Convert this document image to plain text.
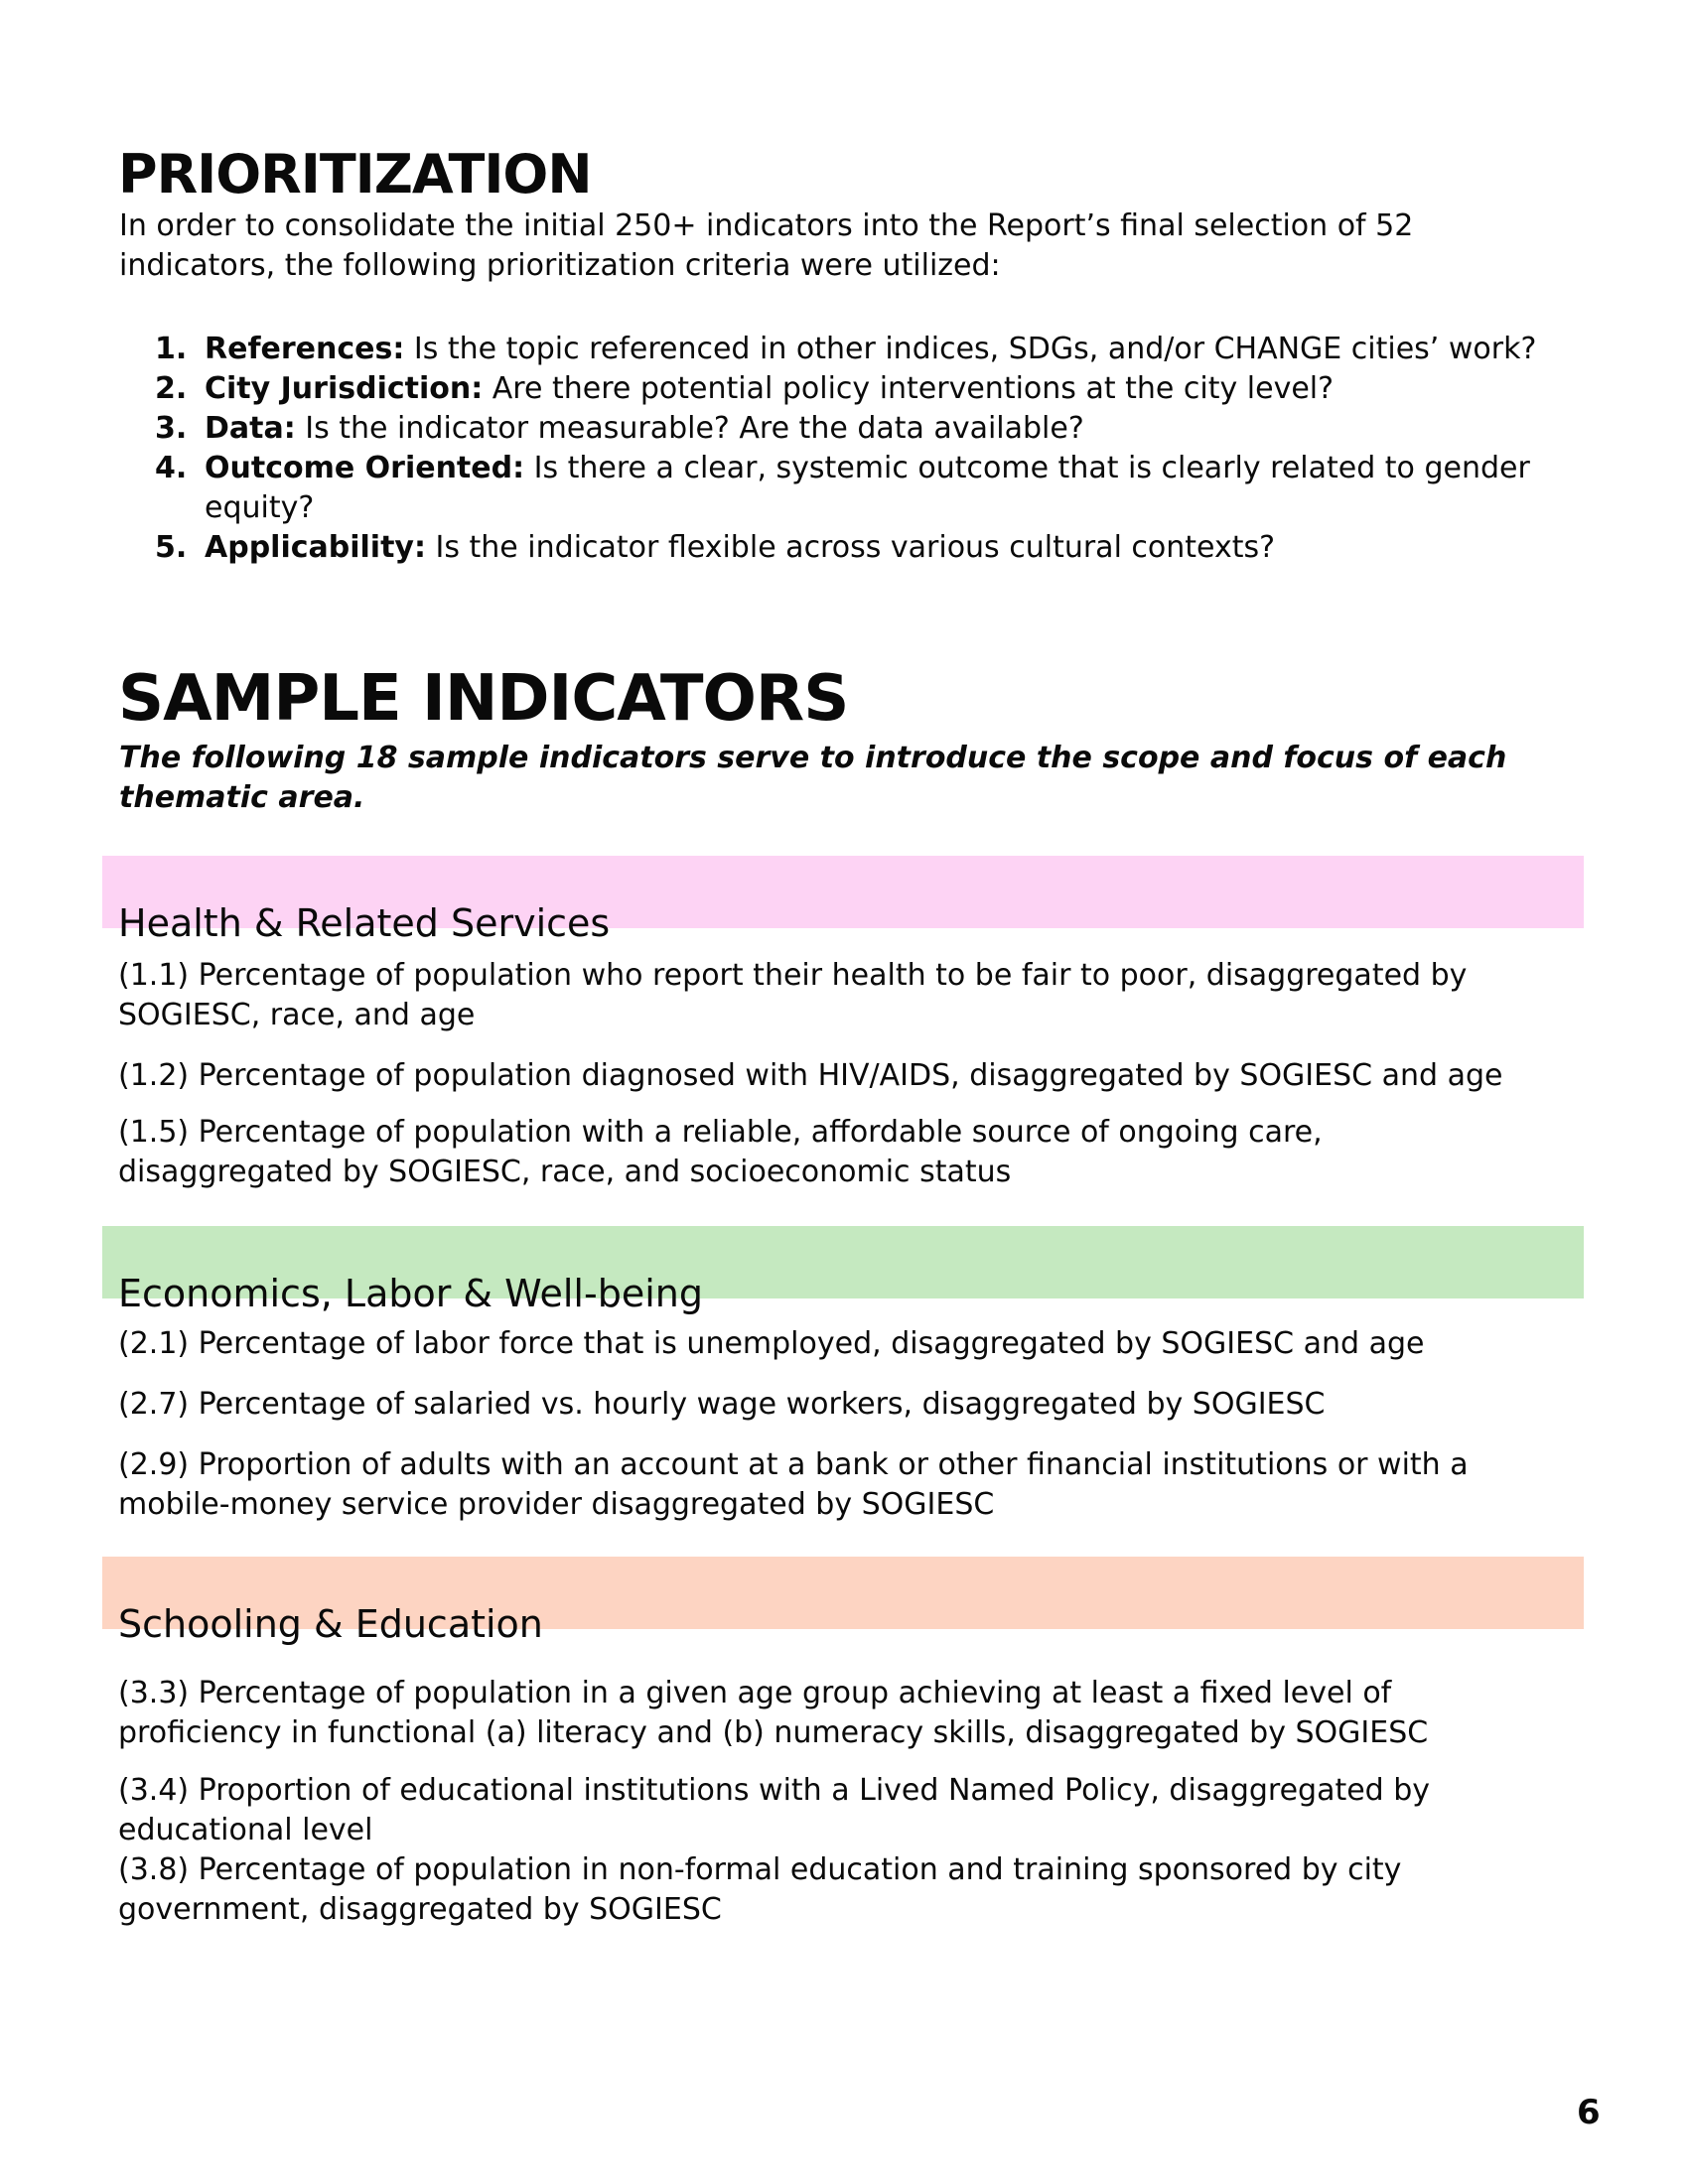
PRIORITIZATION
In order to consolidate the initial 250+ indicators into the Report’s final selection of 52
indicators, the following prioritization criteria were utilized:
1. References: Is the topic referenced in other indices, SDGs, and/or CHANGE cities’ work?
2. City Jurisdiction: Are there potential policy interventions at the city level?
3. Data: Is the indicator measurable? Are the data available?
4. Outcome Oriented: Is there a clear, systemic outcome that is clearly related to gender
equity?
5. Applicability: Is the indicator flexible across various cultural contexts?
SAMPLE INDICATORS
The following 18 sample indicators serve to introduce the scope and focus of each
thematic area.
Health & Related Services
(1.1) Percentage of population who report their health to be fair to poor, disaggregated by
SOGIESC, race, and age
(1.2) Percentage of population diagnosed with HIV/AIDS, disaggregated by SOGIESC and age
(1.5) Percentage of population with a reliable, affordable source of ongoing care,
disaggregated by SOGIESC, race, and socioeconomic status
Economics, Labor & Well-being
(2.1) Percentage of labor force that is unemployed, disaggregated by SOGIESC and age
(2.7) Percentage of salaried vs. hourly wage workers, disaggregated by SOGIESC
(2.9) Proportion of adults with an account at a bank or other financial institutions or with a
mobile-money service provider disaggregated by SOGIESC
Schooling & Education
(3.3) Percentage of population in a given age group achieving at least a fixed level of
proficiency in functional (a) literacy and (b) numeracy skills, disaggregated by SOGIESC
(3.4) Proportion of educational institutions with a Lived Named Policy, disaggregated by
educational level
(3.8) Percentage of population in non-formal education and training sponsored by city
government, disaggregated by SOGIESC
6
